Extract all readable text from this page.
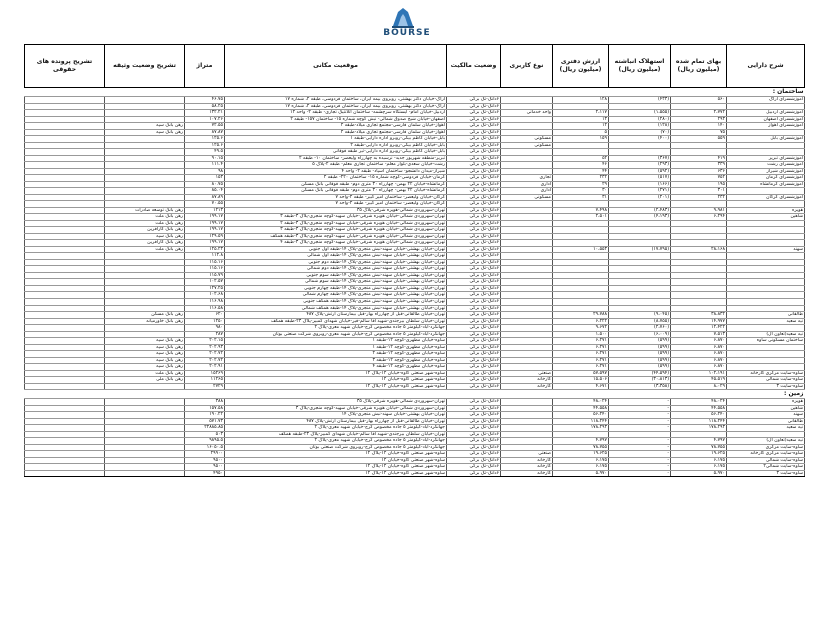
BOURSE
شرح دارایی	بهای تمام شده (میلیون ریال)	استهلاک انباشته (میلیون ریال)	ارزش دفتری (میلیون ریال)	نوع کاربری	وضعیت مالکیت	موقعیت مکانی	متراژ	تشریح وضعیت وثیقه	تشریح پرونده های حقوقی
ساختمان :									
آموزشسرای آراک	۵۶۰	(۴۳۳)	۱۲۸		۶دانگ-تک برگی	اراک-خیابان دکتر بهشتی، روبروی بیمه ایران، ساختمان فردوسی، طبقه ۲، شماره ۱۷	۴۶.۷۵		
					۶دانگ-تک برگی	اراک-خیابان دکتر بهشتی، روبروی بیمه ایران، ساختمان فردوسی، طبقه ۲، شماره ۱۷	۵۸.۲۵		
آموزشسرای اردبیل	۲،۷۷۲	(۱،۵۵۵)	۲،۱۱۷	واحد خدماتی	۶دانگ-تک برگی	اردبیل-خیابان امام- ایستگاه سرچشمه- ساختمان آتلانتیک تجاری- طبقه ۲- واحد ۱۲	۱۳۲.۲۱		
آموزشسرای اصفهان	۲۹۳	(۲۸۰)	۱۳		۶دانگ-تک برگی	اصفهان-خیابان شیخ صدوق شمالی- نبش کوچه شماره ۱۵- ساختمان ۱۵۷- طبقه ۲	۱۰۷.۲۶		
آموزشسرای اهواز	۱۴۰	(۱۲۸)	۱۲		۶دانگ-تک برگی	اهواز-خیابان سلمان فارسی-مجتمع تجاری میلاد-طبقه ۲	۷۲.۵۵	رهن بانک سپه	
	۷۵	(۷۰)	۵		۶دانگ-تک برگی	اهواز-خیابان سلمان فارسی-مجتمع تجاری میلاد-طبقه ۲	۸۷.۸۷	رهن بانک سپه	
آموزشسرای بابل	۵۵۹	(۴۰۰)	۱۵۹	مسکونی	۶دانگ-تک برگی	بابل-خیابان کاظم بیگی-روبرو اداره دارایی-طبقه ۱	۱۲۵.۶		
				مسکونی	۶دانگ-تک برگی	بابل-خیابان کاظم بیگی-روبرو اداره دارایی-طبقه ۲	۱۲۵.۶		
					۶دانگ-تک برگی	بابل-خیابان کاظم بیگی-روبرو اداره دارایی-تیر طبقه فوقانی	۴۹.۵		
آموزشسرای تبریز	۴۱۹	(۳۶۷)	۵۲		۶دانگ-تک برگی	تبریز-منطقه شهریور جدید- نرسیده به چهارراه ولیعصر- ساختمان ۱۰- طبقه ۲	۹۰.۱۵		
آموزشسرای رشت	۳۳۹	(۲۹۳)	۴۶		۶دانگ-تک برگی	رشت-خیابان سعدی-بلوار معلم- ساختمان تجاری معلم- طبقه ۲-پلاک ۵	۱۱۱.۴		
آموزشسرای شیراز	۶۳۶	(۵۹۲)	۴۴		۶دانگ-تک برگی	شیراز-میدان دانشجو- ساختمان اسپاد- طبقه ۲- واحد ۴	۹۸		
آموزشسرای کرمان	۷۵۲	(۵۱۷)	۲۳۲	تجاری	۶دانگ-تک برگی	کرمان-خیابان فردوسی-کوچه شماره ۱۵- ساختمان ۲۲۰- طبقه ۲	۱۵۳		
آموزشسرای کرمانشاه	۱۹۵	(۱۶۶)	۲۹	اداری	۶دانگ-تک برگی	کرمانشاه-خیابان ۲۲ بهمن- چهارراه ۳۰ متری دوم- طبقه فوقانی بانک مسکن	۸۰.۷۵		
	۳۰۱	(۲۷۱)	۳۰	اداری	۶دانگ-تک برگی	کرمانشاه-خیابان ۲۲ بهمن- چهارراه ۳۰ متری دوم- طبقه فوقانی بانک مسکن	۸۵.۰۴		
آموزشسرای گرگان	۲۳۲	(۲۰۱)	۳۱	مسکونی	۶دانگ-تک برگی	گرگان-خیابان ولیعصر- ساختمان امیر کبیر- طبقه ۲-واحد ۷	۸۷.۸۹		
					۶دانگ-تک برگی	گرگان-خیابان ولیعصر- ساختمان امیر کبیر- طبقه ۲-واحد ۷	۷۰.۵۵		
هویزه	۹،۹۸۱	(۲،۴۸۳)	۷،۴۹۸		۶دانگ-تک برگی	تهران-سهروردی شمالی-هویزه شرقی-پلاک ۳۵	۱۲۱۳	رهن بانک توسعه صادرات	
شاهین	۶،۲۹۴	(۴،۱۹۳)	۲،۵۰۱		۶دانگ-تک برگی	تهران-سهروردی شمالی-خیابان هویزه شرقی-خیابان سهید-کوچه منجری-پلاک ۳-طبقه ۳	۱۹۹.۱۷	رهن بانک ملت	
					۶دانگ-تک برگی	تهران-سهروردی شمالی-خیابان هویزه شرقی-خیابان سهید-کوچه منجری-پلاک ۳-طبقه ۲	۱۹۹.۱۷	رهن بانک ملت	
					۶دانگ-تک برگی	تهران-سهروردی شمالی-خیابان هویزه شرقی-خیابان سهید-کوچه منجری-پلاک ۳-طبقه ۳	۱۹۹.۱۷	رهن بانک کارآفرین	
					۶دانگ-تک برگی	تهران-سهروردی شمالی-خیابان هویزه شرقی-خیابان سهید-کوچه منجری-پلاک ۳-طبقه همکف	۱۲۹.۵۹	رهن بانک سپه	
					۶دانگ-تک برگی	تهران-سهروردی شمالی-خیابان هویزه شرقی-خیابان سهید-کوچه منجری-پلاک ۳-طبقه ۴	۱۹۹.۱۷	رهن بانک کارآفرین	
سهند	۲۸،۱۶۸	(۱۷،۷۹۵)	۱۰،۵۵۳		۶دانگ-تک برگی	تهران-خیابان بهشتی-خیابان سهند-نبش منجری-پلاک ۱۴-طبقه اول جنوبی	۱۲۵.۲۳	رهن بانک ملت	
					۶دانگ-تک برگی	تهران-خیابان بهشتی-خیابان سهند-نبش منجری-پلاک ۱۴-طبقه اول شمالی	۱۱۲.۸		
					۶دانگ-تک برگی	تهران-خیابان بهشتی-خیابان سهند-نبش منجری-پلاک ۱۴-طبقه دوم جنوبی	۱۱۵.۱۶		
					۶دانگ-تک برگی	تهران-خیابان بهشتی-خیابان سهند-نبش منجری-پلاک ۱۴-طبقه دوم شمالی	۱۱۵.۱۶		
					۶دانگ-تک برگی	تهران-خیابان بهشتی-خیابان سهند-نبش منجری-پلاک ۱۴-طبقه سوم جنوبی	۱۱۵.۷۹		
					۶دانگ-تک برگی	تهران-خیابان بهشتی-خیابان سهند-نبش منجری-پلاک ۱۴-طبقه سوم شمالی	۱۰۲.۵۷		
					۶دانگ-تک برگی	تهران-خیابان بهشتی-خیابان سهند-نبش منجری-پلاک ۱۴-طبقه چهارم جنوبی	۱۲۷.۲۵		
					۶دانگ-تک برگی	تهران-خیابان بهشتی-خیابان سهند-نبش منجری-پلاک ۱۴-طبقه چهارم شمالی	۱۰۲.۶۸		
					۶دانگ-تک برگی	تهران-خیابان بهشتی-خیابان سهند-نبش منجری-پلاک ۱۴-طبقه همکف جنوبی	۱۱۶.۹۸		
					۶دانگ-تک برگی	تهران-خیابان بهشتی-خیابان سهند-نبش منجری-پلاک ۱۴-طبقه همکف شمالی	۱۱۶.۵۸		
طالقانی	۳۸،۸۳۲	(۹،۰۴۵)	۲۹،۷۸۸		۶دانگ-تک برگی	تهران-خیابان طالقانی-قبل از چهارراه بهار-قبل بیمارستان ارتش-پلاک ۴۸۷	۶۲۰	رهن بانک مسکن	
نیه سعید	۱۴،۹۷۷	(۸،۷۵۵)	۶،۲۲۲		۶دانگ-تک برگی	تهران-خیابان سلطان بیرجندی-شهید آقا سالم-فیر-خیابان شهدای کمبیز-پلاک ۲۳-طبقه همکف	۱۲۵۰	رهن بانک خاورمیانه	
	۱۲،۴۲۲	(۲،۷۶۰)	۹،۶۷۲		۶دانگ-تک برگی	جهانگرد-آباد-کیلومتر ۵ جاده مخصوص کرج-خیابان شهید معزی-پلاک ۲	۹۸۰		
نیه سعید(تعاون آل)	۷،۵۱۳	(۶،۰۰۹)	۱،۵۰۰		۶دانگ-تک برگی	جهانگرد-آباد-کیلومتر ۵ جاده مخصوص کرج-خیابان شهید معزی-روبروی شرکت صنعتی بوتان	۲۸۷		
ساختمان مسکونی ساوه	۶،۸۷۰	(۵۹۹)	۶،۲۷۱		۶دانگ-تک برگی	ساوه-خیابان مطهری-کوچه ۱۲-طبقه ۱	۲۰۲.۱۵	رهن بانک سپه	
	۶،۸۷۰	(۵۹۹)	۶،۲۷۱		۶دانگ-تک برگی	ساوه-خیابان مطهری-کوچه ۱۲-طبقه ۱	۲۰۲.۹۳	رهن بانک سپه	
	۶،۸۷۰	(۵۹۹)	۶،۲۷۱		۶دانگ-تک برگی	ساوه-خیابان مطهری-کوچه ۱۲-طبقه ۲	۲۰۲.۷۲	رهن بانک سپه	
	۶،۸۷۰	(۵۹۹)	۶،۲۷۱		۶دانگ-تک برگی	ساوه-خیابان مطهری-کوچه ۱۲-طبقه ۳	۲۰۲.۷۲	رهن بانک سپه	
	۶،۸۷۰	(۵۹۹)	۶،۲۷۱		۶دانگ-تک برگی	ساوه-خیابان مطهری-کوچه ۱۲-طبقه ۴	۲۰۲.۹۱	رهن بانک سپه	
ساوه-سایت مرکزی کارخانه	۱۰۲،۱۹۱	(۴۴،۵۹۴)	۵۷،۵۹۷	صنعتی	۶دانگ-تک برگی	ساوه-شهر صنعتی کاوه-خیابان ۱۲-پلاک ۱۲	۱۵۲۶۹	رهن بانک ملت	
ساوه-سایت شمالی	۴۵،۵۱۹	(۳۰،۸۱۳)	۱۵،۵۰۶	کارخانه	۶دانگ-تک برگی	ساوه-شهر صنعتی کاوه-خیابان ۱۲	۱۱۲۶۵	رهن بانک ملی	
ساوه-سایت ۳	۸،۰۲۹	(۳،۳۵۸)	۴،۶۷۱	کارخانه	۶دانگ-تک برگی	ساوه-شهر صنعتی کاوه-خیابان ۱۲-پلاک ۱۲	۲۷۲۹		
زمین :									
هویزه	۴۸،۰۲۴	-	۴۸،۰۲۴		۶دانگ-تک برگی	تهران-سهروردی شمالی-هویزه شرقی-پلاک ۳۵	۳۸۸		
شاهین	۴۴،۵۵۸	-	۴۴،۵۵۸		۶دانگ-تک برگی	تهران-سهروردی شمالی-خیابان هویزه شرقی-خیابان سهید-کوچه منجری-پلاک ۳	۱۵۷.۵۸		
سهند	۵۶،۲۴۰	-	۵۶،۲۴۰		۶دانگ-تک برگی	تهران-خیابان بهشتی-خیابان سهند-نبش منجری-پلاک ۱۴	۱۹۰.۲۲		
طالقانی	۱۱۸،۲۴۴	-	۱۱۸،۲۴۴		۶دانگ-تک برگی	تهران-خیابان طالقانی-قبل از چهارراه بهار-قبل بیمارستان ارتش-پلاک ۴۸۷	۵۷۱.۷۳		
نیه سعید	۱۷۸،۲۹۳	-	۱۷۸،۲۹۳		۶دانگ-تک برگی	جهانگرد-آباد-کیلومتر ۵ جاده مخصوص کرج-خیابان شهید معزی-پلاک ۲	۲۲۸۸۵.۸۵		
					۶دانگ-تک برگی	تهران-خیابان سلطان بیرجندی-شهید آقا سالم-خیابان شهدای کمبیز-پلاک ۲۳-طبقه همکف	۵۰۳		
نیه سعید(تعاون آل)	۴،۷۹۷	-	۴،۷۹۷		۶دانگ-تک برگی	جهانگرد-آباد-کیلومتر ۵ جاده مخصوص کرج-خیابان شهید معزی-پلاک ۲	۹۸۹۵.۵		
ساوه-سایت مرکزی	۷۸،۷۵۵	-	۷۸،۷۵۵		۶دانگ-تک برگی	جهانگرد-آباد-کیلومتر ۵ جاده مخصوص کرج-روبروی شرکت صنعتی بوتان	۱۶۰۵۰.۵		
ساوه-سایت مرکزی کارخانه	۱۹،۶۲۵	-	۱۹،۶۲۵	صنعتی	۶دانگ-تک برگی	ساوه-شهر صنعتی کاوه-خیابان ۱۲-پلاک ۱۲	۲۹۹۰۰		
ساوه-سایت شمالی	۶،۱۷۵	-	۶،۱۷۵	کارخانه	۶دانگ-تک برگی	ساوه-شهر صنعتی کاوه-خیابان ۱۲	۹۵۰۰		
ساوه-سایت شمالی۲	۶،۱۷۵	-	۶،۱۷۵	کارخانه	۶دانگ-تک برگی	ساوه-شهر صنعتی کاوه-خیابان ۱۲-پلاک ۱۲	۹۵۰۰		
ساوه-سایت ۳	۵،۹۷۰	-	۵،۹۷۰	کارخانه	۶دانگ-تک برگی	ساوه-شهر صنعتی کاوه-خیابان ۱۲-پلاک ۱۲	۴۹۵۰		
